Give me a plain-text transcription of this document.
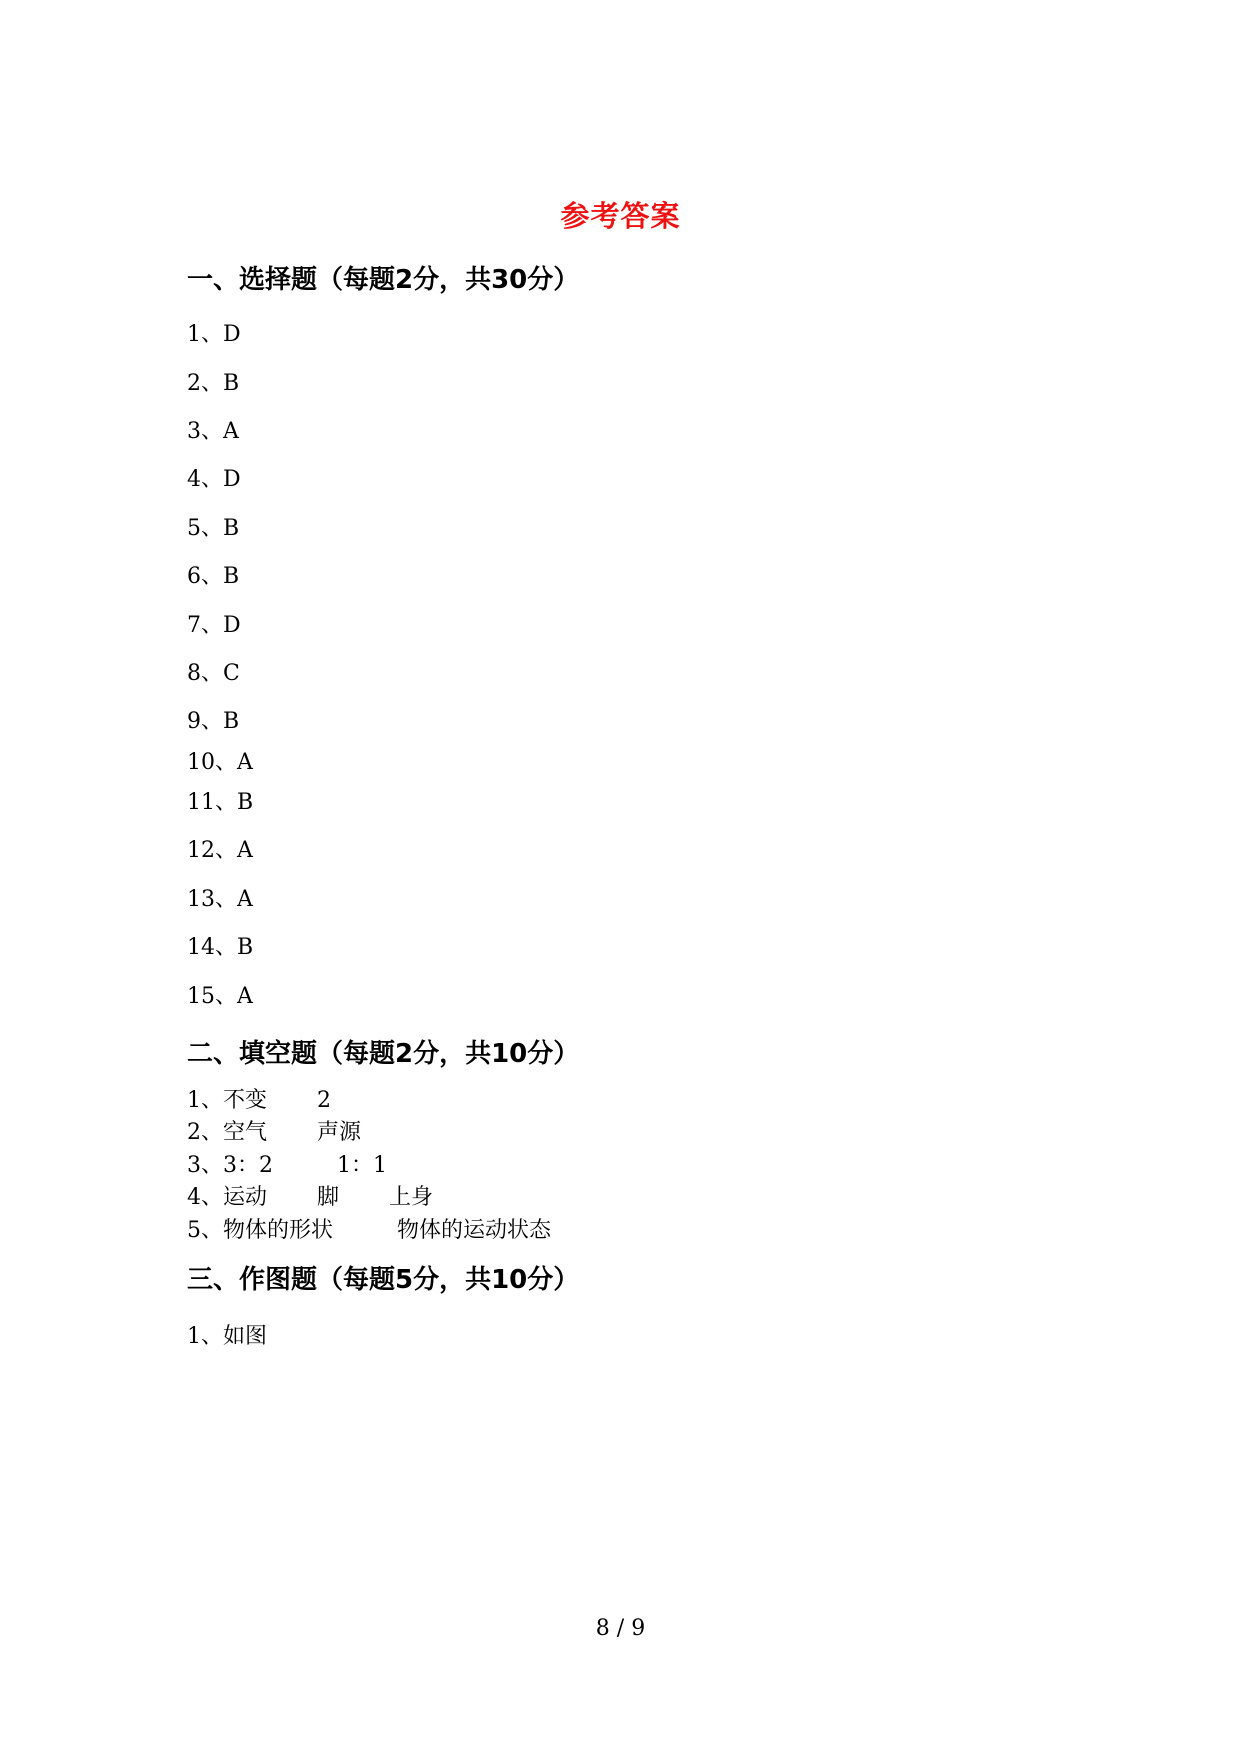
参考答案
一、选择题（每题2分，共30分）
1、D
2、B
3、A
4、D
5、B
6、B
7、D
8、C
9、B
10、A
11、B
12、A
13、A
14、B
15、A
二、填空题（每题2分，共10分）
1、不变 2
2、空气 声源
3、3：2	1：1
4、运动 脚 上身
5、物体的形状	物体的运动状态
三、作图题（每题5分，共10分）
1、如图
8 / 9
